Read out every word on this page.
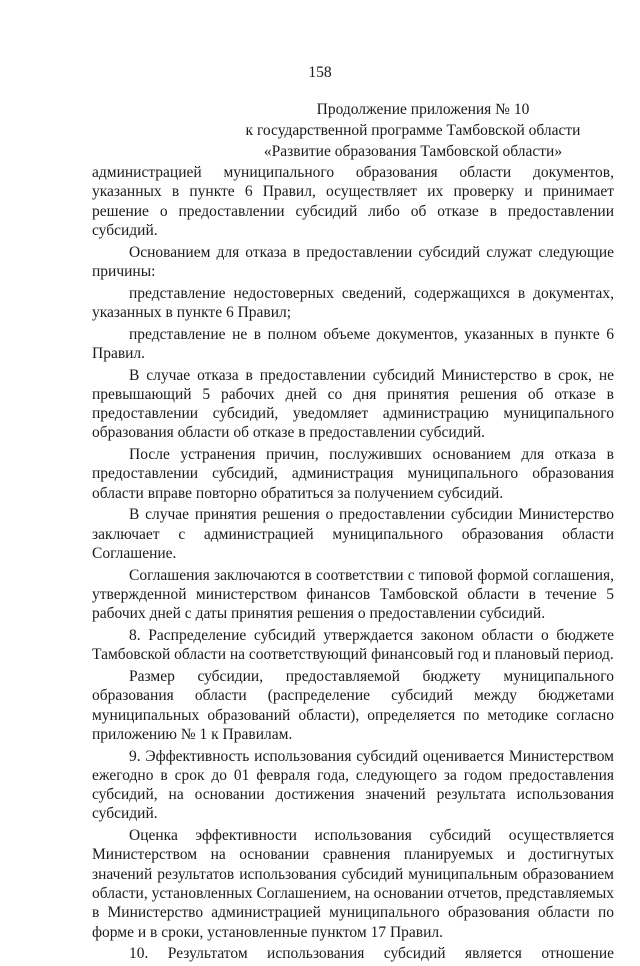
158
Продолжение приложения № 10
к государственной программе Тамбовской области
«Развитие образования Тамбовской области»

администрацией муниципального образования области документов, указанных в пункте 6 Правил, осуществляет их проверку и принимает решение о предоставлении субсидий либо об отказе в предоставлении субсидий.

Основанием для отказа в предоставлении субсидий служат следующие причины:

представление недостоверных сведений, содержащихся в документах, указанных в пункте 6 Правил;

представление не в полном объеме документов, указанных в пункте 6 Правил.

В случае отказа в предоставлении субсидий Министерство в срок, не превышающий 5 рабочих дней со дня принятия решения об отказе в предоставлении субсидий, уведомляет администрацию муниципального образования области об отказе в предоставлении субсидий.

После устранения причин, послуживших основанием для отказа в предоставлении субсидий, администрация муниципального образования области вправе повторно обратиться за получением субсидий.

В случае принятия решения о предоставлении субсидии Министерство заключает с администрацией муниципального образования области Соглашение.

Соглашения заключаются в соответствии с типовой формой соглашения, утвержденной министерством финансов Тамбовской области в течение 5 рабочих дней с даты принятия решения о предоставлении субсидий.

8. Распределение субсидий утверждается законом области о бюджете Тамбовской области на соответствующий финансовый год и плановый период.

Размер субсидии, предоставляемой бюджету муниципального образования области (распределение субсидий между бюджетами муниципальных образований области), определяется по методике согласно приложению № 1 к Правилам.

9. Эффективность использования субсидий оценивается Министерством ежегодно в срок до 01 февраля года, следующего за годом предоставления субсидий, на основании достижения значений результата использования субсидий.

Оценка эффективности использования субсидий осуществляется Министерством на основании сравнения планируемых и достигнутых значений результатов использования субсидий муниципальным образованием области, установленных Соглашением, на основании отчетов, представляемых в Министерство администрацией муниципального образования области по форме и в сроки, установленные пунктом 17 Правил.

10. Результатом использования субсидий является отношение
